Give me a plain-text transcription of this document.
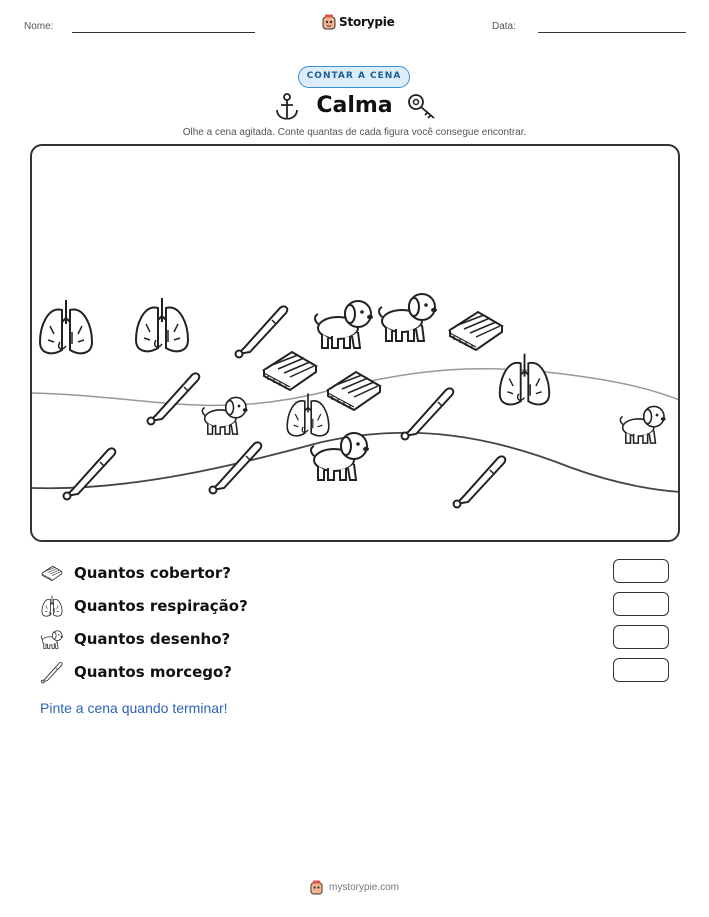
Nome:	Storypie	Data:
CONTAR A CENA
Calma
Olhe a cena agitada. Conte quantas de cada figura você consegue encontrar.
Quantos cobertor?
Quantos respiração?
Quantos desenho?
Quantos morcego?
Pinte a cena quando terminar!
mystorypie.com
